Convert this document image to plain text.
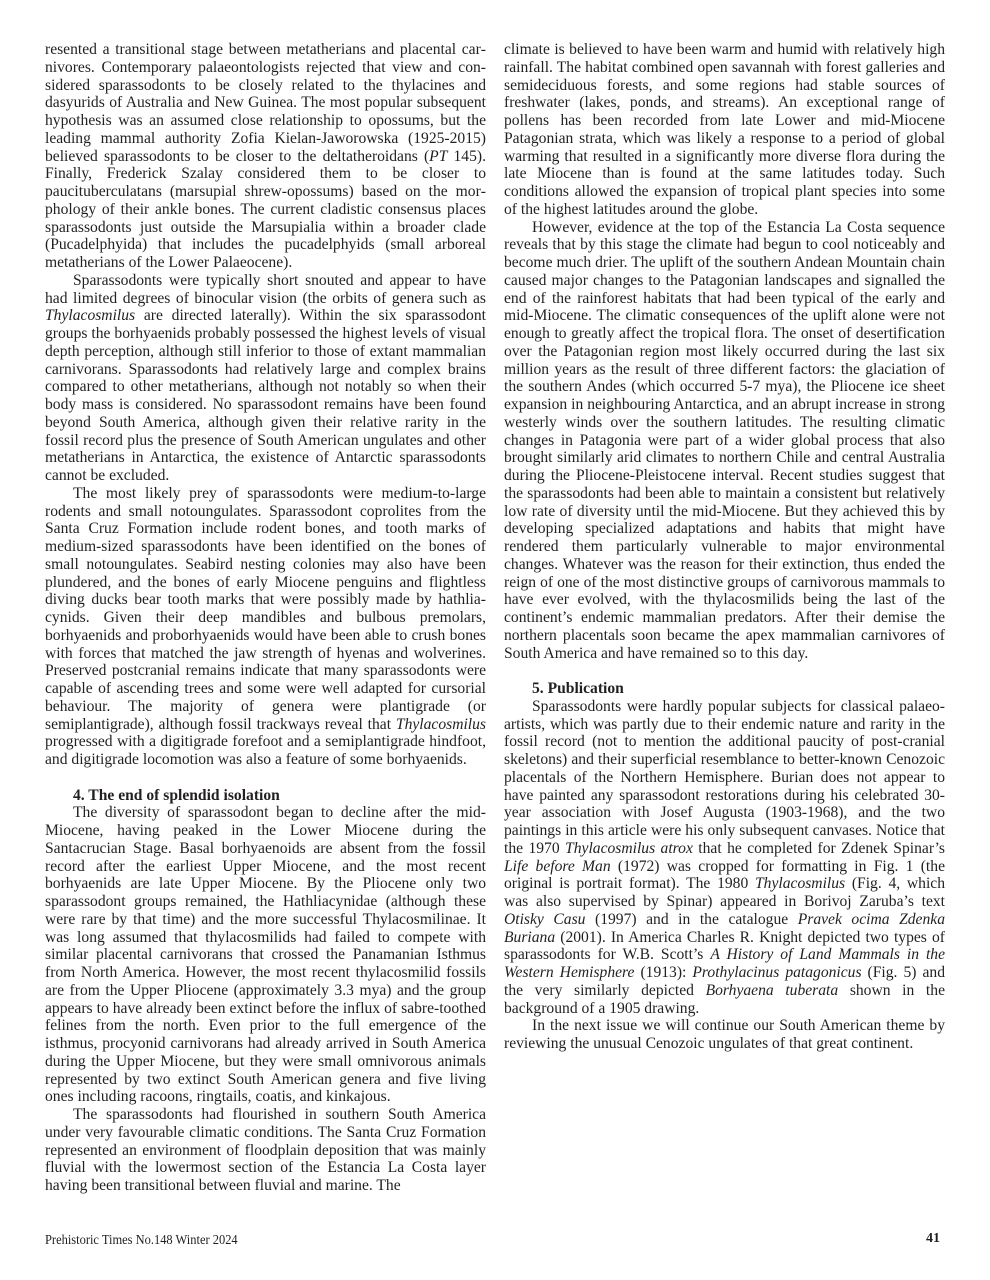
resented a transitional stage between metatherians and placental carnivores. Contemporary palaeontologists rejected that view and considered sparassodonts to be closely related to the thylacines and dasyurids of Australia and New Guinea. The most popular subsequent hypothesis was an assumed close relationship to opossums, but the leading mammal authority Zofia Kielan-Jaworowska (1925-2015) believed sparassodonts to be closer to the deltatheroidans (PT 145). Finally, Frederick Szalay considered them to be closer to paucituberculatans (marsupial shrew-opossums) based on the morphology of their ankle bones. The current cladistic consensus places sparassodonts just outside the Marsupialia within a broader clade (Pucadelphyida) that includes the pucadelphyids (small arboreal metatherians of the Lower Palaeocene).

Sparassodonts were typically short snouted and appear to have had limited degrees of binocular vision (the orbits of genera such as Thylacosmilus are directed laterally). Within the six sparassodont groups the borhyaenids probably possessed the highest levels of visual depth perception, although still inferior to those of extant mammalian carnivorans. Sparassodonts had relatively large and complex brains compared to other metatherians, although not notably so when their body mass is considered. No sparassodont remains have been found beyond South America, although given their relative rarity in the fossil record plus the presence of South American ungulates and other metatherians in Antarctica, the existence of Antarctic sparassodonts cannot be excluded.

The most likely prey of sparassodonts were medium-to-large rodents and small notoungulates. Sparassodont coprolites from the Santa Cruz Formation include rodent bones, and tooth marks of medium-sized sparassodonts have been identified on the bones of small notoungulates. Seabird nesting colonies may also have been plundered, and the bones of early Miocene penguins and flightless diving ducks bear tooth marks that were possibly made by hathliacynids. Given their deep mandibles and bulbous premolars, borhyaenids and proborhyaenids would have been able to crush bones with forces that matched the jaw strength of hyenas and wolverines. Preserved postcranial remains indicate that many sparassodonts were capable of ascending trees and some were well adapted for cursorial behaviour. The majority of genera were plantigrade (or semiplantigrade), although fossil trackways reveal that Thylacosmilus progressed with a digitigrade forefoot and a semiplantigrade hindfoot, and digitigrade locomotion was also a feature of some borhyaenids.

4. The end of splendid isolation

The diversity of sparassodont began to decline after the mid-Miocene, having peaked in the Lower Miocene during the Santacrucian Stage. Basal borhyaenoids are absent from the fossil record after the earliest Upper Miocene, and the most recent borhyaenids are late Upper Miocene. By the Pliocene only two sparassodont groups remained, the Hathliacynidae (although these were rare by that time) and the more successful Thylacosmilinae. It was long assumed that thylacosmilids had failed to compete with similar placental carnivorans that crossed the Panamanian Isthmus from North America. However, the most recent thylacosmilid fossils are from the Upper Pliocene (approximately 3.3 mya) and the group appears to have already been extinct before the influx of sabre-toothed felines from the north. Even prior to the full emergence of the isthmus, procyonid carnivorans had already arrived in South America during the Upper Miocene, but they were small omnivorous animals represented by two extinct South American genera and five living ones including racoons, ringtails, coatis, and kinkajous.

The sparassodonts had flourished in southern South America under very favourable climatic conditions. The Santa Cruz Formation represented an environment of floodplain deposition that was mainly fluvial with the lowermost section of the Estancia La Costa layer having been transitional between fluvial and marine. The

climate is believed to have been warm and humid with relatively high rainfall. The habitat combined open savannah with forest galleries and semideciduous forests, and some regions had stable sources of freshwater (lakes, ponds, and streams). An exceptional range of pollens has been recorded from late Lower and mid-Miocene Patagonian strata, which was likely a response to a period of global warming that resulted in a significantly more diverse flora during the late Miocene than is found at the same latitudes today. Such conditions allowed the expansion of tropical plant species into some of the highest latitudes around the globe.

However, evidence at the top of the Estancia La Costa sequence reveals that by this stage the climate had begun to cool noticeably and become much drier. The uplift of the southern Andean Mountain chain caused major changes to the Patagonian landscapes and signalled the end of the rainforest habitats that had been typical of the early and mid-Miocene. The climatic consequences of the uplift alone were not enough to greatly affect the tropical flora. The onset of desertification over the Patagonian region most likely occurred during the last six million years as the result of three different factors: the glaciation of the southern Andes (which occurred 5-7 mya), the Pliocene ice sheet expansion in neighbouring Antarctica, and an abrupt increase in strong westerly winds over the southern latitudes. The resulting climatic changes in Patagonia were part of a wider global process that also brought similarly arid climates to northern Chile and central Australia during the Pliocene-Pleistocene interval. Recent studies suggest that the sparassodonts had been able to maintain a consistent but relatively low rate of diversity until the mid-Miocene. But they achieved this by developing specialized adaptations and habits that might have rendered them particularly vulnerable to major environmental changes. Whatever was the reason for their extinction, thus ended the reign of one of the most distinctive groups of carnivorous mammals to have ever evolved, with the thylacosmilids being the last of the continent’s endemic mammalian predators. After their demise the northern placentals soon became the apex mammalian carnivores of South America and have remained so to this day.

5. Publication

Sparassodonts were hardly popular subjects for classical palaeoartists, which was partly due to their endemic nature and rarity in the fossil record (not to mention the additional paucity of post-cranial skeletons) and their superficial resemblance to better-known Cenozoic placentals of the Northern Hemisphere. Burian does not appear to have painted any sparassodont restorations during his celebrated 30-year association with Josef Augusta (1903-1968), and the two paintings in this article were his only subsequent canvases. Notice that the 1970 Thylacosmilus atrox that he completed for Zdenek Spinar’s Life before Man (1972) was cropped for formatting in Fig. 1 (the original is portrait format). The 1980 Thylacosmilus (Fig. 4, which was also supervised by Spinar) appeared in Borivoj Zaruba’s text Otisky Casu (1997) and in the catalogue Pravek ocima Zdenka Buriana (2001). In America Charles R. Knight depicted two types of sparassodonts for W.B. Scott’s A History of Land Mammals in the Western Hemisphere (1913): Prothylacinus patagonicus (Fig. 5) and the very similarly depicted Borhyaena tuberata shown in the background of a 1905 drawing.

In the next issue we will continue our South American theme by reviewing the unusual Cenozoic ungulates of that great continent.

Prehistoric Times No.148 Winter 2024	41
